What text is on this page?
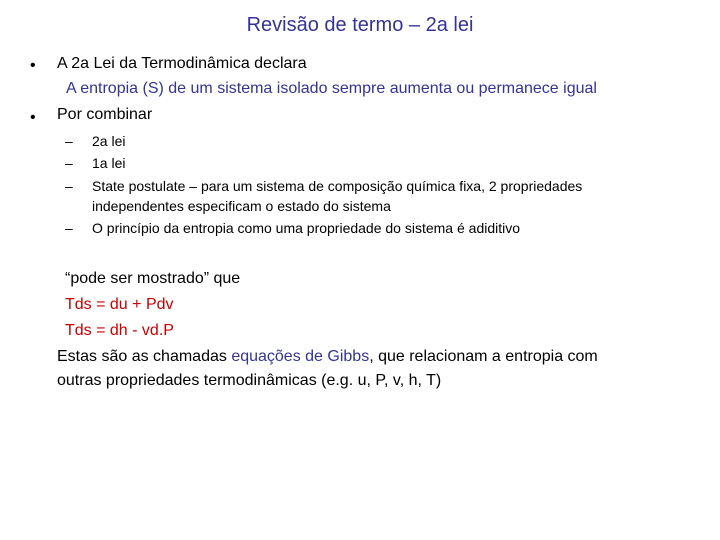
Revisão de termo – 2a lei
• A 2a Lei da Termodinâmica declara
A entropia (S) de um sistema isolado sempre aumenta ou permanece igual
• Por combinar
– 2a lei
– 1a lei
– State postulate – para um sistema de composição química fixa, 2 propriedades
independentes especificam o estado do sistema
– O princípio da entropia como uma propriedade do sistema é adiditivo
“pode ser mostrado” que
Tds = du + Pdv
Tds = dh - vd.P
Estas são as chamadas equações de Gibbs, que relacionam a entropia com
outras propriedades termodinâmicas (e.g. u, P, v, h, T)
